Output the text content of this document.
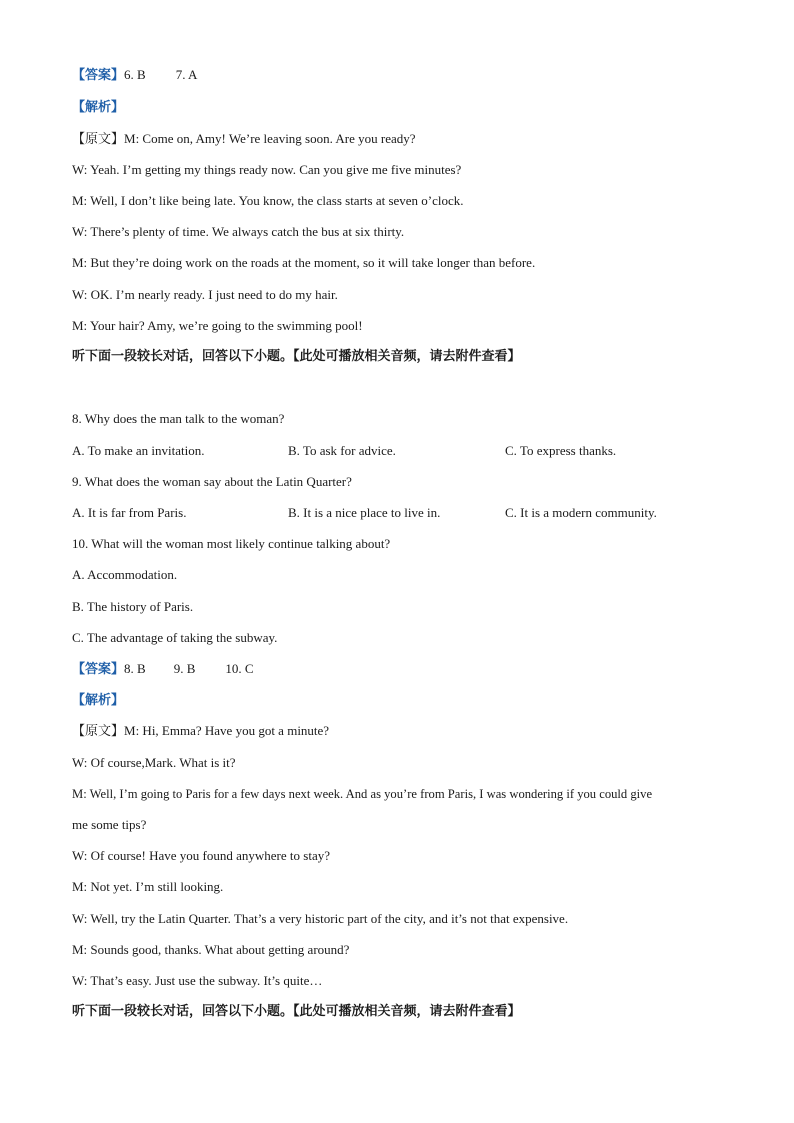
【答案】6. B 7. A
【解析】
【原文】M: Come on, Amy! We’re leaving soon. Are you ready?
W: Yeah. I’m getting my things ready now. Can you give me five minutes?
M: Well, I don’t like being late. You know, the class starts at seven o’clock.
W: There’s plenty of time. We always catch the bus at six thirty.
M: But they’re doing work on the roads at the moment, so it will take longer than before.
W: OK. I’m nearly ready. I just need to do my hair.
M: Your hair? Amy, we’re going to the swimming pool!
听下面一段较长对话，回答以下小题。【此处可播放相关音频，请去附件查看】
8. Why does the man talk to the woman?
A. To make an invitation.	B. To ask for advice.	C. To express thanks.
9. What does the woman say about the Latin Quarter?
A. It is far from Paris.	B. It is a nice place to live in.	C. It is a modern community.
10. What will the woman most likely continue talking about?
A. Accommodation.
B. The history of Paris.
C. The advantage of taking the subway.
【答案】8. B 9. B 10. C
【解析】
【原文】M: Hi, Emma? Have you got a minute?
W: Of course,Mark. What is it?
M: Well, I’m going to Paris for a few days next week. And as you’re from Paris, I was wondering if you could give
me some tips?
W: Of course! Have you found anywhere to stay?
M: Not yet. I’m still looking.
W: Well, try the Latin Quarter. That’s a very historic part of the city, and it’s not that expensive.
M: Sounds good, thanks. What about getting around?
W: That’s easy. Just use the subway. It’s quite…
听下面一段较长对话，回答以下小题。【此处可播放相关音频，请去附件查看】
